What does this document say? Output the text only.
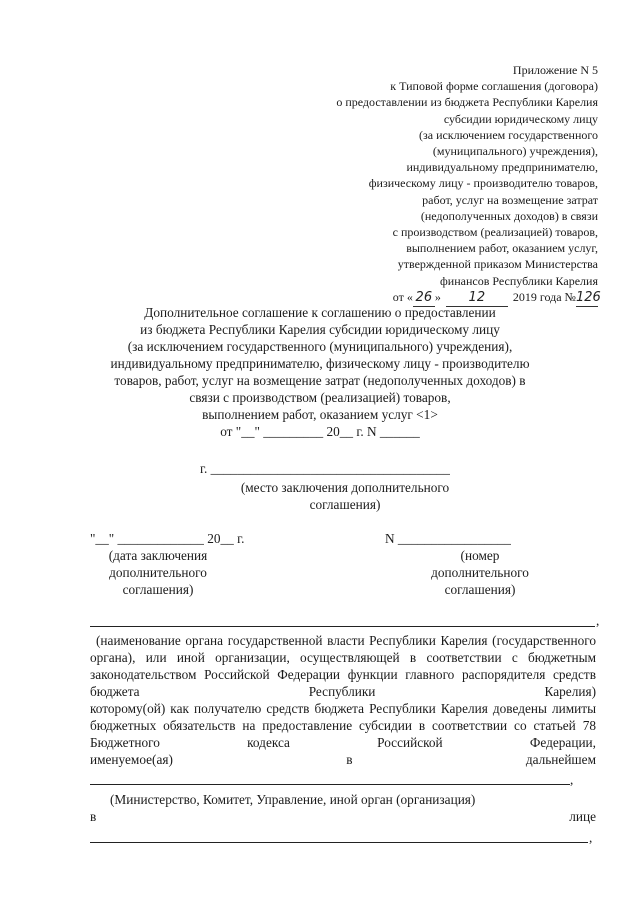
Приложение N 5
к Типовой форме соглашения (договора)
о предоставлении из бюджета Республики Карелия
субсидии юридическому лицу
(за исключением государственного
(муниципального) учреждения),
индивидуальному предпринимателю,
физическому лицу - производителю товаров,
работ, услуг на возмещение затрат
(недополученных доходов) в связи
с производством (реализацией) товаров,
выполнением работ, оказанием услуг,
утвержденной приказом Министерства
финансов Республики Карелия
от « 26 » 12 2019 года №126
Дополнительное соглашение к соглашению о предоставлении
из бюджета Республики Карелия субсидии юридическому лицу
(за исключением государственного (муниципального) учреждения),
индивидуальному предпринимателю, физическому лицу - производителю
товаров, работ, услуг на возмещение затрат (недополученных доходов) в
связи с производством (реализацией) товаров,
выполнением работ, оказанием услуг <1>
от "__" _________ 20__ г. N ______
г. ____________________________________
(место заключения дополнительного
соглашения)
"__" _____________ 20__ г.
(дата заключения
дополнительного
соглашения)
N _________________
(номер
дополнительного
соглашения)
,
(наименование органа государственной власти Республики Карелия (государственного органа), или иной организации, осуществляющей в соответствии с бюджетным законодательством Российской Федерации функции главного распорядителя средств бюджета Республики Карелия)
которому(ой) как получателю средств бюджета Республики Карелия доведены лимиты бюджетных обязательств на предоставление субсидии в соответствии со статьей 78 Бюджетного кодекса Российской Федерации,
именуемое(ая)	в	дальнейшем
,
(Министерство, Комитет, Управление, иной орган (организация)
в	лице
,
